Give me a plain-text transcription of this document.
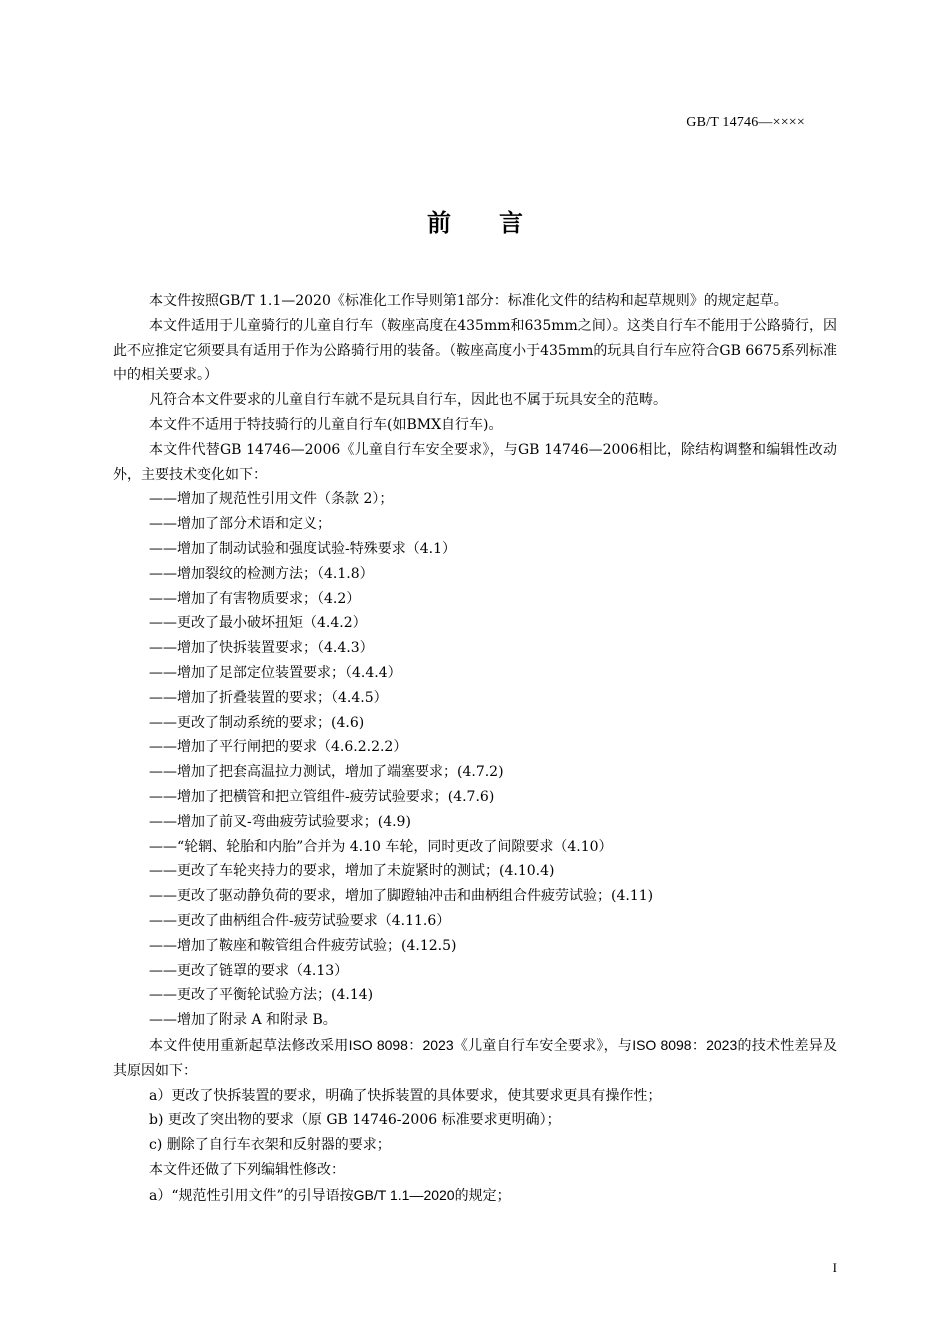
GB/T 14746—××××
前言

本文件按照GB/T 1.1—2020《标准化工作导则第1部分：标准化文件的结构和起草规则》的规定起草。

本文件适用于儿童骑行的儿童自行车（鞍座高度在435mm和635mm之间）。这类自行车不能用于公路骑行，因此不应推定它须要具有适用于作为公路骑行用的装备。（鞍座高度小于435mm的玩具自行车应符合GB 6675系列标准中的相关要求。）

凡符合本文件要求的儿童自行车就不是玩具自行车，因此也不属于玩具安全的范畴。

本文件不适用于特技骑行的儿童自行车(如BMX自行车)。

本文件代替GB 14746—2006《儿童自行车安全要求》，与GB 14746—2006相比，除结构调整和编辑性改动外，主要技术变化如下：

——增加了规范性引用文件（条款 2）；

——增加了部分术语和定义；

——增加了制动试验和强度试验-特殊要求（4.1）

——增加裂纹的检测方法；（4.1.8）

——增加了有害物质要求；（4.2）

——更改了最小破坏扭矩（4.4.2）

——增加了快拆装置要求；（4.4.3）

——增加了足部定位装置要求；（4.4.4）

——增加了折叠装置的要求；（4.4.5）

——更改了制动系统的要求；(4.6)

——增加了平行闸把的要求（4.6.2.2.2）

——增加了把套高温拉力测试，增加了端塞要求；(4.7.2)

——增加了把横管和把立管组件-疲劳试验要求；(4.7.6)

——增加了前叉-弯曲疲劳试验要求；(4.9)

——“轮辋、轮胎和内胎”合并为 4.10 车轮，同时更改了间隙要求（4.10）

——更改了车轮夹持力的要求，增加了未旋紧时的测试；(4.10.4)

——更改了驱动静负荷的要求，增加了脚蹬轴冲击和曲柄组合件疲劳试验；(4.11)

——更改了曲柄组合件-疲劳试验要求（4.11.6）

——增加了鞍座和鞍管组合件疲劳试验；(4.12.5)

——更改了链罩的要求（4.13）

——更改了平衡轮试验方法；(4.14)

——增加了附录 A 和附录 B。

本文件使用重新起草法修改采用ISO 8098：2023《儿童自行车安全要求》，与ISO 8098：2023的技术性差异及其原因如下：

a）更改了快拆装置的要求，明确了快拆装置的具体要求，使其要求更具有操作性；

b) 更改了突出物的要求（原 GB 14746-2006 标准要求更明确）；

c) 删除了自行车衣架和反射器的要求；

本文件还做了下列编辑性修改：

a）“规范性引用文件”的引导语按GB/T 1.1—2020的规定；

I
